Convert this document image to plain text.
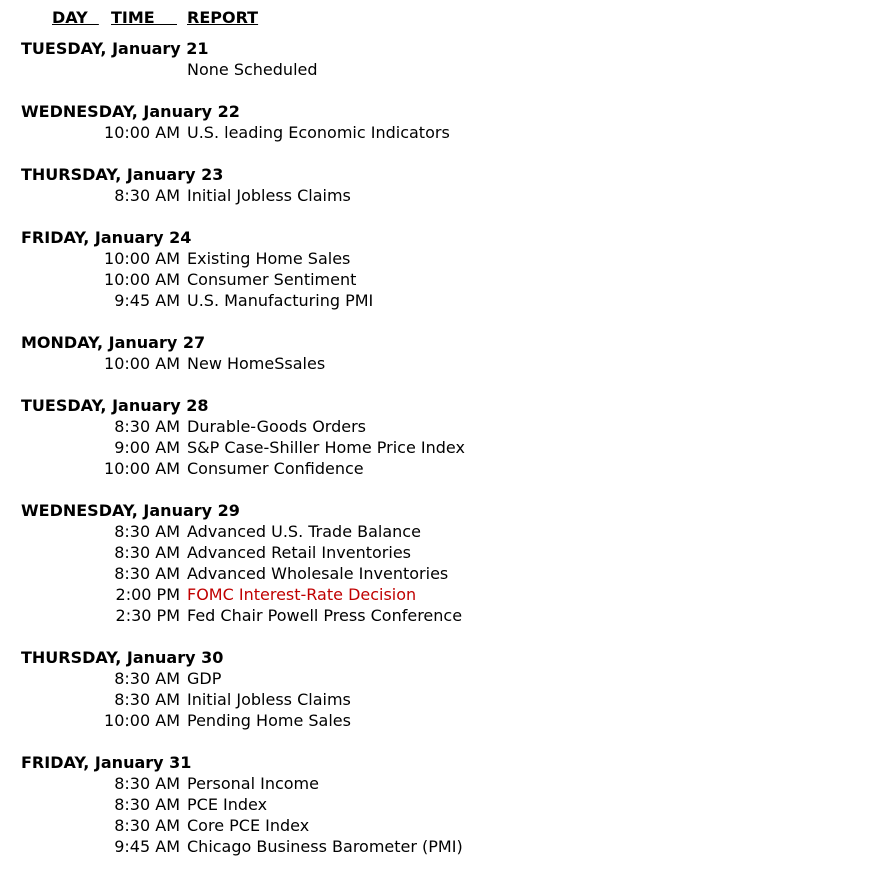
DAY TIME REPORT
TUESDAY, January 21
None Scheduled
WEDNESDAY, January 22
10:00 AM U.S. leading Economic Indicators
THURSDAY, January 23
8:30 AM Initial Jobless Claims
FRIDAY, January 24
10:00 AM Existing Home Sales
10:00 AM Consumer Sentiment
9:45 AM U.S. Manufacturing PMI
MONDAY, January 27
10:00 AM New HomeSsales
TUESDAY, January 28
8:30 AM Durable-Goods Orders
9:00 AM S&P Case-Shiller Home Price Index
10:00 AM Consumer Confidence
WEDNESDAY, January 29
8:30 AM Advanced U.S. Trade Balance
8:30 AM Advanced Retail Inventories
8:30 AM Advanced Wholesale Inventories
2:00 PM FOMC Interest-Rate Decision
2:30 PM Fed Chair Powell Press Conference
THURSDAY, January 30
8:30 AM GDP
8:30 AM Initial Jobless Claims
10:00 AM Pending Home Sales
FRIDAY, January 31
8:30 AM Personal Income
8:30 AM PCE Index
8:30 AM Core PCE Index
9:45 AM Chicago Business Barometer (PMI)
